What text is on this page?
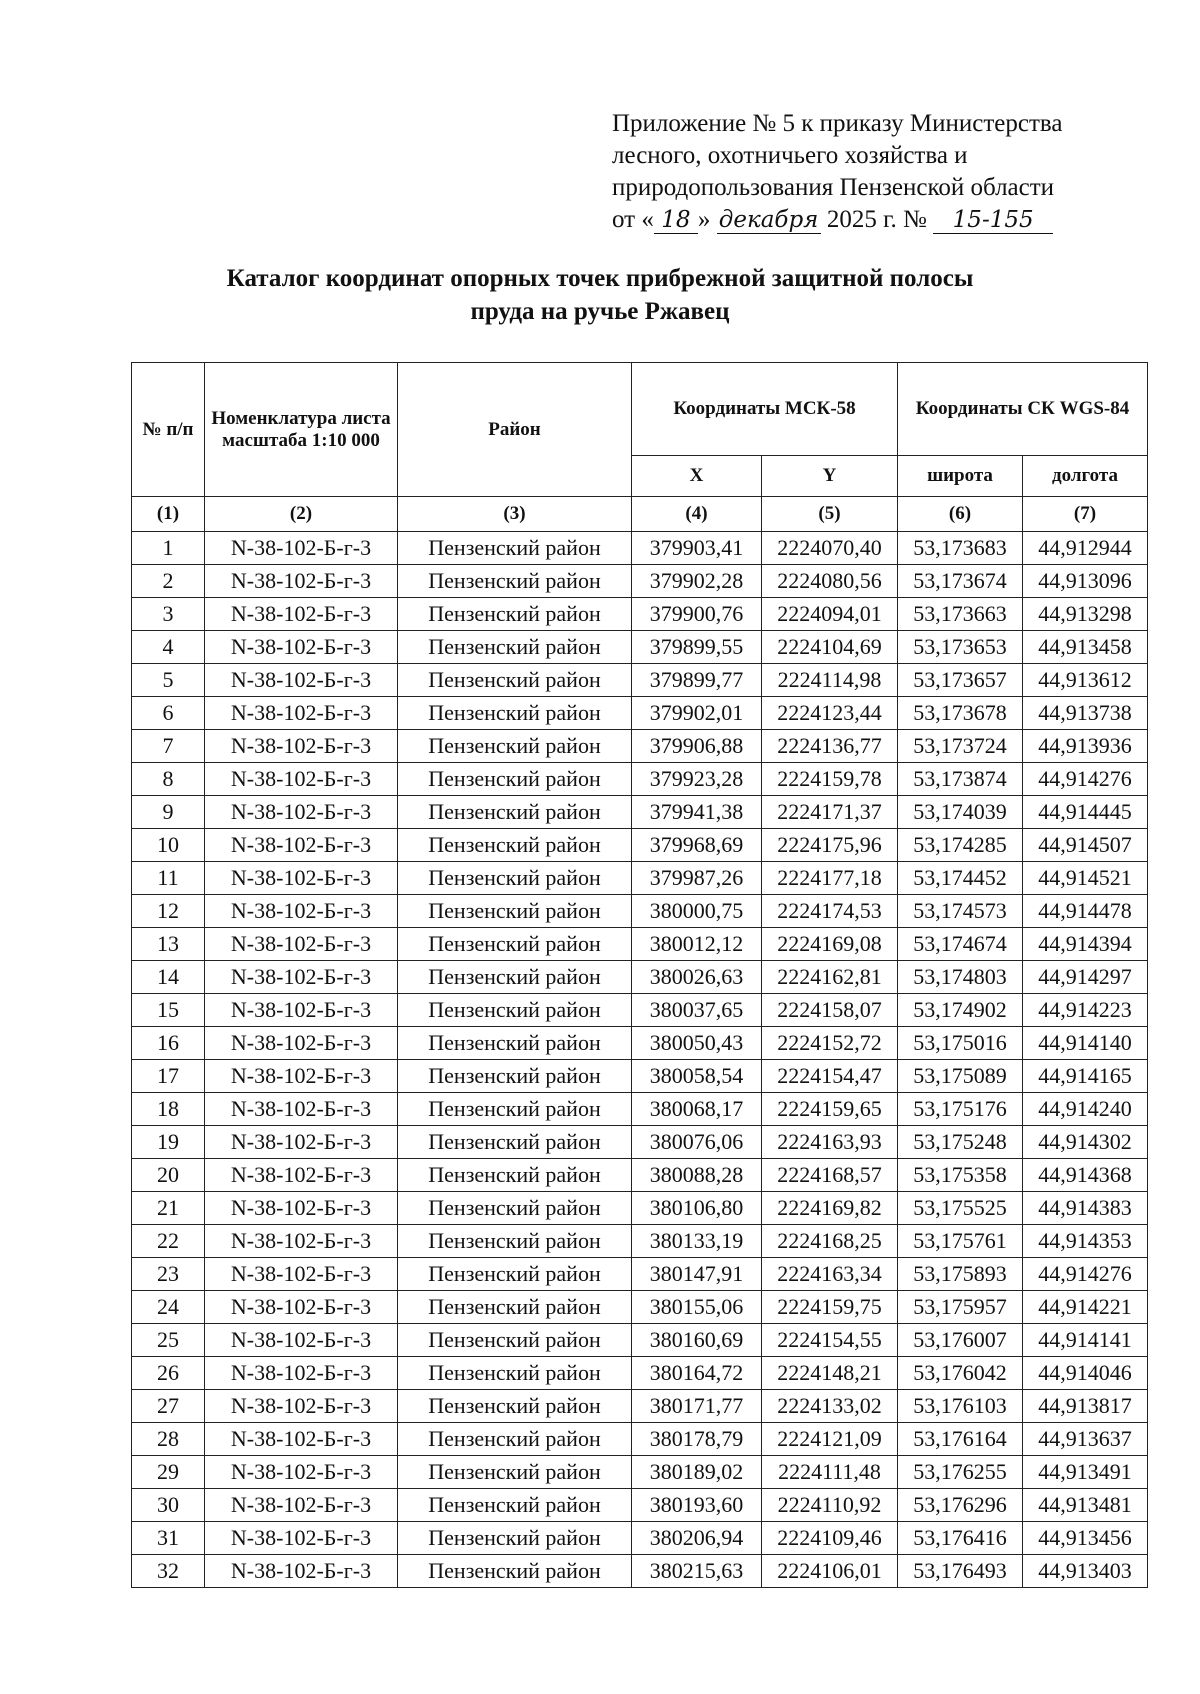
Приложение № 5 к приказу Министерства
лесного, охотничьего хозяйства и
природопользования Пензенской области
от « 18 » декабря 2025 г. № 15-155
Каталог координат опорных точек прибрежной защитной полосы
пруда на ручье Ржавец
№ п/п	Номенклатура листа масштаба 1:10 000	Район	Координаты МСК-58		Координаты СК WGS-84	
			X	Y	широта	долгота
(1)	(2)	(3)	(4)	(5)	(6)	(7)
1	N-38-102-Б-г-3	Пензенский район	379903,41	2224070,40	53,173683	44,912944
2	N-38-102-Б-г-3	Пензенский район	379902,28	2224080,56	53,173674	44,913096
3	N-38-102-Б-г-3	Пензенский район	379900,76	2224094,01	53,173663	44,913298
4	N-38-102-Б-г-3	Пензенский район	379899,55	2224104,69	53,173653	44,913458
5	N-38-102-Б-г-3	Пензенский район	379899,77	2224114,98	53,173657	44,913612
6	N-38-102-Б-г-3	Пензенский район	379902,01	2224123,44	53,173678	44,913738
7	N-38-102-Б-г-3	Пензенский район	379906,88	2224136,77	53,173724	44,913936
8	N-38-102-Б-г-3	Пензенский район	379923,28	2224159,78	53,173874	44,914276
9	N-38-102-Б-г-3	Пензенский район	379941,38	2224171,37	53,174039	44,914445
10	N-38-102-Б-г-3	Пензенский район	379968,69	2224175,96	53,174285	44,914507
11	N-38-102-Б-г-3	Пензенский район	379987,26	2224177,18	53,174452	44,914521
12	N-38-102-Б-г-3	Пензенский район	380000,75	2224174,53	53,174573	44,914478
13	N-38-102-Б-г-3	Пензенский район	380012,12	2224169,08	53,174674	44,914394
14	N-38-102-Б-г-3	Пензенский район	380026,63	2224162,81	53,174803	44,914297
15	N-38-102-Б-г-3	Пензенский район	380037,65	2224158,07	53,174902	44,914223
16	N-38-102-Б-г-3	Пензенский район	380050,43	2224152,72	53,175016	44,914140
17	N-38-102-Б-г-3	Пензенский район	380058,54	2224154,47	53,175089	44,914165
18	N-38-102-Б-г-3	Пензенский район	380068,17	2224159,65	53,175176	44,914240
19	N-38-102-Б-г-3	Пензенский район	380076,06	2224163,93	53,175248	44,914302
20	N-38-102-Б-г-3	Пензенский район	380088,28	2224168,57	53,175358	44,914368
21	N-38-102-Б-г-3	Пензенский район	380106,80	2224169,82	53,175525	44,914383
22	N-38-102-Б-г-3	Пензенский район	380133,19	2224168,25	53,175761	44,914353
23	N-38-102-Б-г-3	Пензенский район	380147,91	2224163,34	53,175893	44,914276
24	N-38-102-Б-г-3	Пензенский район	380155,06	2224159,75	53,175957	44,914221
25	N-38-102-Б-г-3	Пензенский район	380160,69	2224154,55	53,176007	44,914141
26	N-38-102-Б-г-3	Пензенский район	380164,72	2224148,21	53,176042	44,914046
27	N-38-102-Б-г-3	Пензенский район	380171,77	2224133,02	53,176103	44,913817
28	N-38-102-Б-г-3	Пензенский район	380178,79	2224121,09	53,176164	44,913637
29	N-38-102-Б-г-3	Пензенский район	380189,02	2224111,48	53,176255	44,913491
30	N-38-102-Б-г-3	Пензенский район	380193,60	2224110,92	53,176296	44,913481
31	N-38-102-Б-г-3	Пензенский район	380206,94	2224109,46	53,176416	44,913456
32	N-38-102-Б-г-3	Пензенский район	380215,63	2224106,01	53,176493	44,913403
